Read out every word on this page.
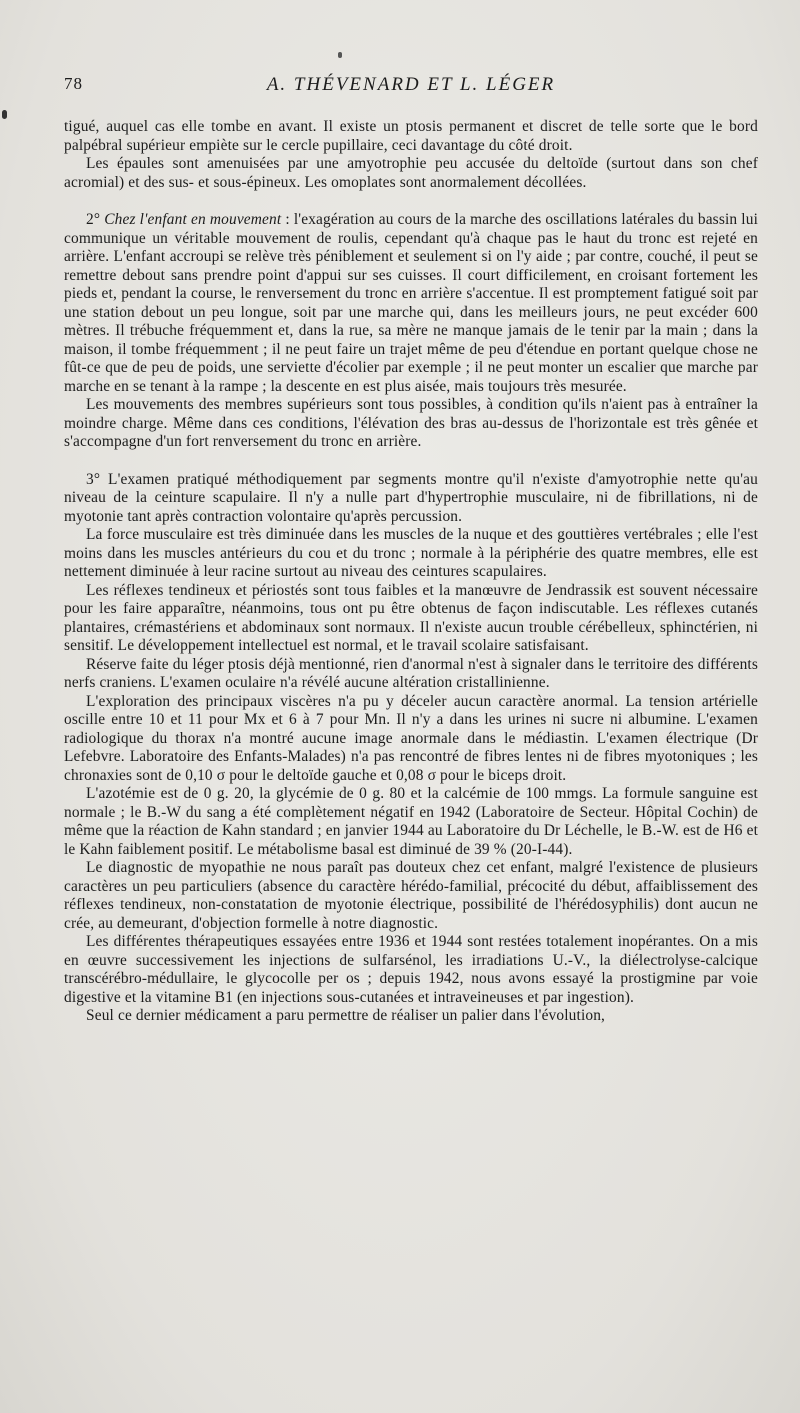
78	A. THÉVENARD ET L. LÉGER

tigué, auquel cas elle tombe en avant. Il existe un ptosis permanent et discret de telle sorte que le bord palpébral supérieur empiète sur le cercle pupillaire, ceci davantage du côté droit.

Les épaules sont amenuisées par une amyotrophie peu accusée du deltoïde (surtout dans son chef acromial) et des sus- et sous-épineux. Les omoplates sont anormalement décollées.

2° Chez l'enfant en mouvement : l'exagération au cours de la marche des oscillations latérales du bassin lui communique un véritable mouvement de roulis, cependant qu'à chaque pas le haut du tronc est rejeté en arrière. L'enfant accroupi se relève très péniblement et seulement si on l'y aide ; par contre, couché, il peut se remettre debout sans prendre point d'appui sur ses cuisses. Il court difficilement, en croisant fortement les pieds et, pendant la course, le renversement du tronc en arrière s'accentue. Il est promptement fatigué soit par une station debout un peu longue, soit par une marche qui, dans les meilleurs jours, ne peut excéder 600 mètres. Il trébuche fréquemment et, dans la rue, sa mère ne manque jamais de le tenir par la main ; dans la maison, il tombe fréquemment ; il ne peut faire un trajet même de peu d'étendue en portant quelque chose ne fût-ce que de peu de poids, une serviette d'écolier par exemple ; il ne peut monter un escalier que marche par marche en se tenant à la rampe ; la descente en est plus aisée, mais toujours très mesurée.

Les mouvements des membres supérieurs sont tous possibles, à condition qu'ils n'aient pas à entraîner la moindre charge. Même dans ces conditions, l'élévation des bras au-dessus de l'horizontale est très gênée et s'accompagne d'un fort renversement du tronc en arrière.

3° L'examen pratiqué méthodiquement par segments montre qu'il n'existe d'amyotrophie nette qu'au niveau de la ceinture scapulaire. Il n'y a nulle part d'hypertrophie musculaire, ni de fibrillations, ni de myotonie tant après contraction volontaire qu'après percussion.

La force musculaire est très diminuée dans les muscles de la nuque et des gouttières vertébrales ; elle l'est moins dans les muscles antérieurs du cou et du tronc ; normale à la périphérie des quatre membres, elle est nettement diminuée à leur racine surtout au niveau des ceintures scapulaires.

Les réflexes tendineux et périostés sont tous faibles et la manœuvre de Jendrassik est souvent nécessaire pour les faire apparaître, néanmoins, tous ont pu être obtenus de façon indiscutable. Les réflexes cutanés plantaires, crémastériens et abdominaux sont normaux. Il n'existe aucun trouble cérébelleux, sphinctérien, ni sensitif. Le développement intellectuel est normal, et le travail scolaire satisfaisant.

Réserve faite du léger ptosis déjà mentionné, rien d'anormal n'est à signaler dans le territoire des différents nerfs craniens. L'examen oculaire n'a révélé aucune altération cristallinienne.

L'exploration des principaux viscères n'a pu y déceler aucun caractère anormal. La tension artérielle oscille entre 10 et 11 pour Mx et 6 à 7 pour Mn. Il n'y a dans les urines ni sucre ni albumine. L'examen radiologique du thorax n'a montré aucune image anormale dans le médiastin. L'examen électrique (Dr Lefebvre. Laboratoire des Enfants-Malades) n'a pas rencontré de fibres lentes ni de fibres myotoniques ; les chronaxies sont de 0,10 σ pour le deltoïde gauche et 0,08 σ pour le biceps droit.

L'azotémie est de 0 g. 20, la glycémie de 0 g. 80 et la calcémie de 100 mmgs. La formule sanguine est normale ; le B.-W du sang a été complètement négatif en 1942 (Laboratoire de Secteur. Hôpital Cochin) de même que la réaction de Kahn standard ; en janvier 1944 au Laboratoire du Dr Léchelle, le B.-W. est de H6 et le Kahn faiblement positif. Le métabolisme basal est diminué de 39 % (20-I-44).

Le diagnostic de myopathie ne nous paraît pas douteux chez cet enfant, malgré l'existence de plusieurs caractères un peu particuliers (absence du caractère hérédo-familial, précocité du début, affaiblissement des réflexes tendineux, non-constatation de myotonie électrique, possibilité de l'hérédosyphilis) dont aucun ne crée, au demeurant, d'objection formelle à notre diagnostic.

Les différentes thérapeutiques essayées entre 1936 et 1944 sont restées totalement inopérantes. On a mis en œuvre successivement les injections de sulfarsénol, les irradiations U.-V., la diélectrolyse-calcique transcérébro-médullaire, le glycocolle per os ; depuis 1942, nous avons essayé la prostigmine par voie digestive et la vitamine B1 (en injections sous-cutanées et intraveineuses et par ingestion).

Seul ce dernier médicament a paru permettre de réaliser un palier dans l'évolution,
